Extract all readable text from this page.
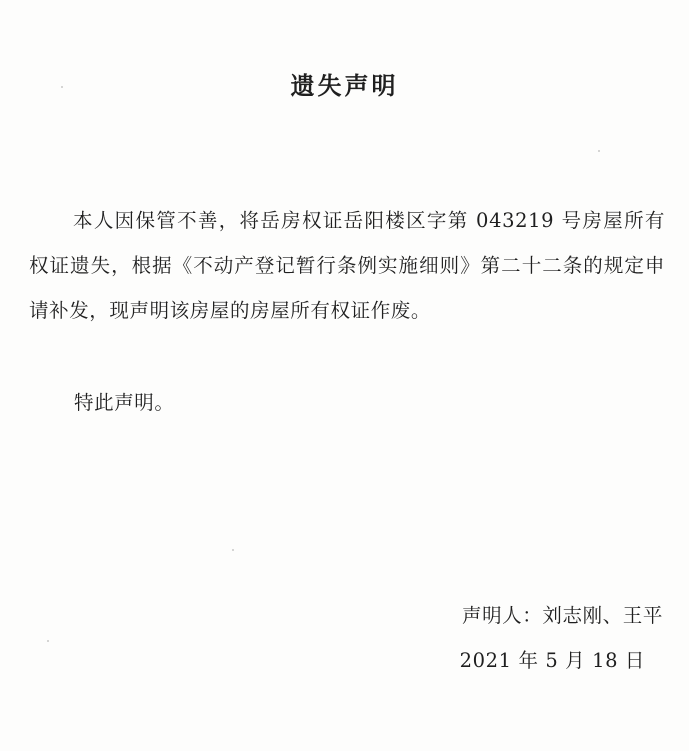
遗失声明

本人因保管不善，将岳房权证岳阳楼区字第 043219 号房屋所有权证遗失，根据《不动产登记暂行条例实施细则》第二十二条的规定申请补发，现声明该房屋的房屋所有权证作废。

特此声明。
声明人：刘志刚、王平
2021 年 5 月 18 日
